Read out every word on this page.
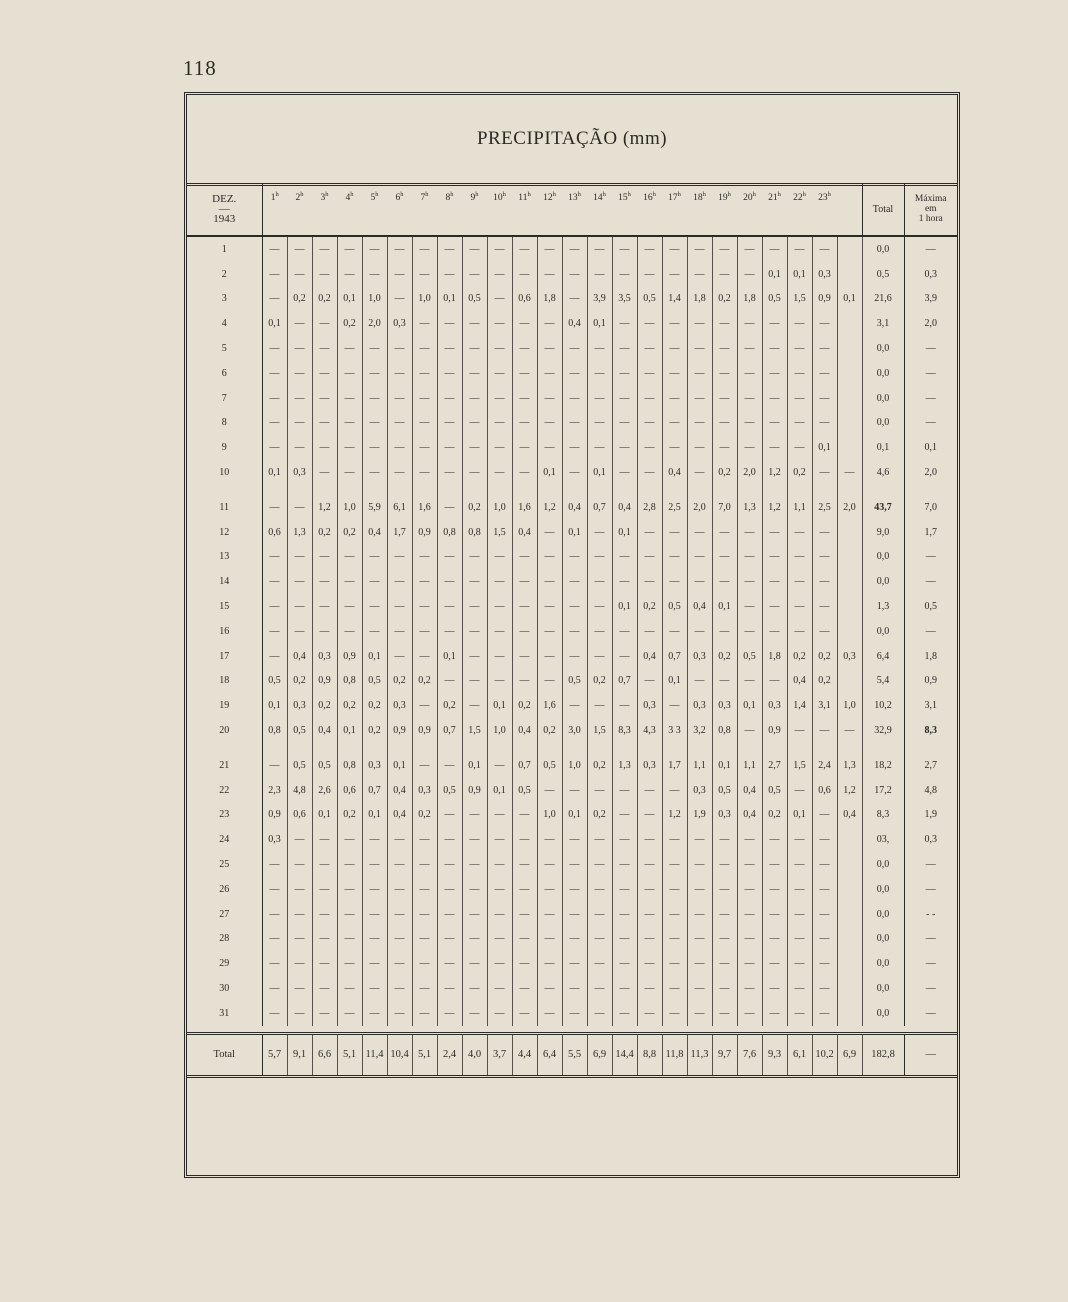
118
PRECIPITAÇÃO (mm)
DEZ.
—
1943	1$^h$	2$^h$	3$^h$	4$^h$	5$^h$	6$^h$	7$^h$	8$^h$	9$^h$	10$^h$	11$^h$	12$^h$	13$^h$	14$^h$	15$^h$	16$^h$	17$^h$	18$^h$	19$^h$	20$^h$	21$^h$	22$^h$	23$^h$		Total	Máxima
em
1 hora
1	—	—	—	—	—	—	—	—	—	—	—	—	—	—	—	—	—	—	—	—	—	—	—		0,0	—
2	—	—	—	—	—	—	—	—	—	—	—	—	—	—	—	—	—	—	—	—	0,1	0,1	0,3		0,5	0,3
3	—	0,2	0,2	0,1	1,0	—	1,0	0,1	0,5	—	0,6	1,8	—	3,9	3,5	0,5	1,4	1,8	0,2	1,8	0,5	1,5	0,9	0,1	21,6	3,9
4	0,1	—	—	0,2	2,0	0,3	—	—	—	—	—	—	0,4	0,1	—	—	—	—	—	—	—	—	—		3,1	2,0
5	—	—	—	—	—	—	—	—	—	—	—	—	—	—	—	—	—	—	—	—	—	—	—		0,0	—
6	—	—	—	—	—	—	—	—	—	—	—	—	—	—	—	—	—	—	—	—	—	—	—		0,0	—
7	—	—	—	—	—	—	—	—	—	—	—	—	—	—	—	—	—	—	—	—	—	—	—		0,0	—
8	—	—	—	—	—	—	—	—	—	—	—	—	—	—	—	—	—	—	—	—	—	—	—		0,0	—
9	—	—	—	—	—	—	—	—	—	—	—	—	—	—	—	—	—	—	—	—	—	—	0,1		0,1	0,1
10	0,1	0,3	—	—	—	—	—	—	—	—	—	0,1	—	0,1	—	—	0,4	—	0,2	2,0	1,2	0,2	—	—	4,6	2,0
11	—	—	1,2	1,0	5,9	6,1	1,6	—	0,2	1,0	1,6	1,2	0,4	0,7	0,4	2,8	2,5	2,0	7,0	1,3	1,2	1,1	2,5	2,0	43,7	7,0
12	0,6	1,3	0,2	0,2	0,4	1,7	0,9	0,8	0,8	1,5	0,4	—	0,1	—	0,1	—	—	—	—	—	—	—	—		9,0	1,7
13	—	—	—	—	—	—	—	—	—	—	—	—	—	—	—	—	—	—	—	—	—	—	—		0,0	—
14	—	—	—	—	—	—	—	—	—	—	—	—	—	—	—	—	—	—	—	—	—	—	—		0,0	—
15	—	—	—	—	—	—	—	—	—	—	—	—	—	—	0,1	0,2	0,5	0,4	0,1	—	—	—	—		1,3	0,5
16	—	—	—	—	—	—	—	—	—	—	—	—	—	—	—	—	—	—	—	—	—	—	—		0,0	—
17	—	0,4	0,3	0,9	0,1	—	—	0,1	—	—	—	—	—	—	—	0,4	0,7	0,3	0,2	0,5	1,8	0,2	0,2	0,3	6,4	1,8
18	0,5	0,2	0,9	0,8	0,5	0,2	0,2	—	—	—	—	—	0,5	0,2	0,7	—	0,1	—	—	—	—	0,4	0,2		5,4	0,9
19	0,1	0,3	0,2	0,2	0,2	0,3	—	0,2	—	0,1	0,2	1,6	—	—	—	0,3	—	0,3	0,3	0,1	0,3	1,4	3,1	1,0	10,2	3,1
20	0,8	0,5	0,4	0,1	0,2	0,9	0,9	0,7	1,5	1,0	0,4	0,2	3,0	1,5	8,3	4,3	3 3	3,2	0,8	—	0,9	—	—	—	32,9	8,3
21	—	0,5	0,5	0,8	0,3	0,1	—	—	0,1	—	0,7	0,5	1,0	0,2	1,3	0,3	1,7	1,1	0,1	1,1	2,7	1,5	2,4	1,3	18,2	2,7
22	2,3	4,8	2,6	0,6	0,7	0,4	0,3	0,5	0,9	0,1	0,5	—	—	—	—	—	—	0,3	0,5	0,4	0,5	—	0,6	1,2	17,2	4,8
23	0,9	0,6	0,1	0,2	0,1	0,4	0,2	—	—	—	—	1,0	0,1	0,2	—	—	1,2	1,9	0,3	0,4	0,2	0,1	—	0,4	8,3	1,9
24	0,3	—	—	—	—	—	—	—	—	—	—	—	—	—	—	—	—	—	—	—	—	—	—		03,	0,3
25	—	—	—	—	—	—	—	—	—	—	—	—	—	—	—	—	—	—	—	—	—	—	—		0,0	—
26	—	—	—	—	—	—	—	—	—	—	—	—	—	—	—	—	—	—	—	—	—	—	—		0,0	—
27	—	—	—	—	—	—	—	—	—	—	—	—	—	—	—	—	—	—	—	—	—	—	—		0,0	- -
28	—	—	—	—	—	—	—	—	—	—	—	—	—	—	—	—	—	—	—	—	—	—	—		0,0	—
29	—	—	—	—	—	—	—	—	—	—	—	—	—	—	—	—	—	—	—	—	—	—	—		0,0	—
30	—	—	—	—	—	—	—	—	—	—	—	—	—	—	—	—	—	—	—	—	—	—	—		0,0	—
31	—	—	—	—	—	—	—	—	—	—	—	—	—	—	—	—	—	—	—	—	—	—	—		0,0	—

Total	5,7	9,1	6,6	5,1	11,4	10,4	5,1	2,4	4,0	3,7	4,4	6,4	5,5	6,9	14,4	8,8	11,8	11,3	9,7	7,6	9,3	6,1	10,2	6,9	182,8	—
